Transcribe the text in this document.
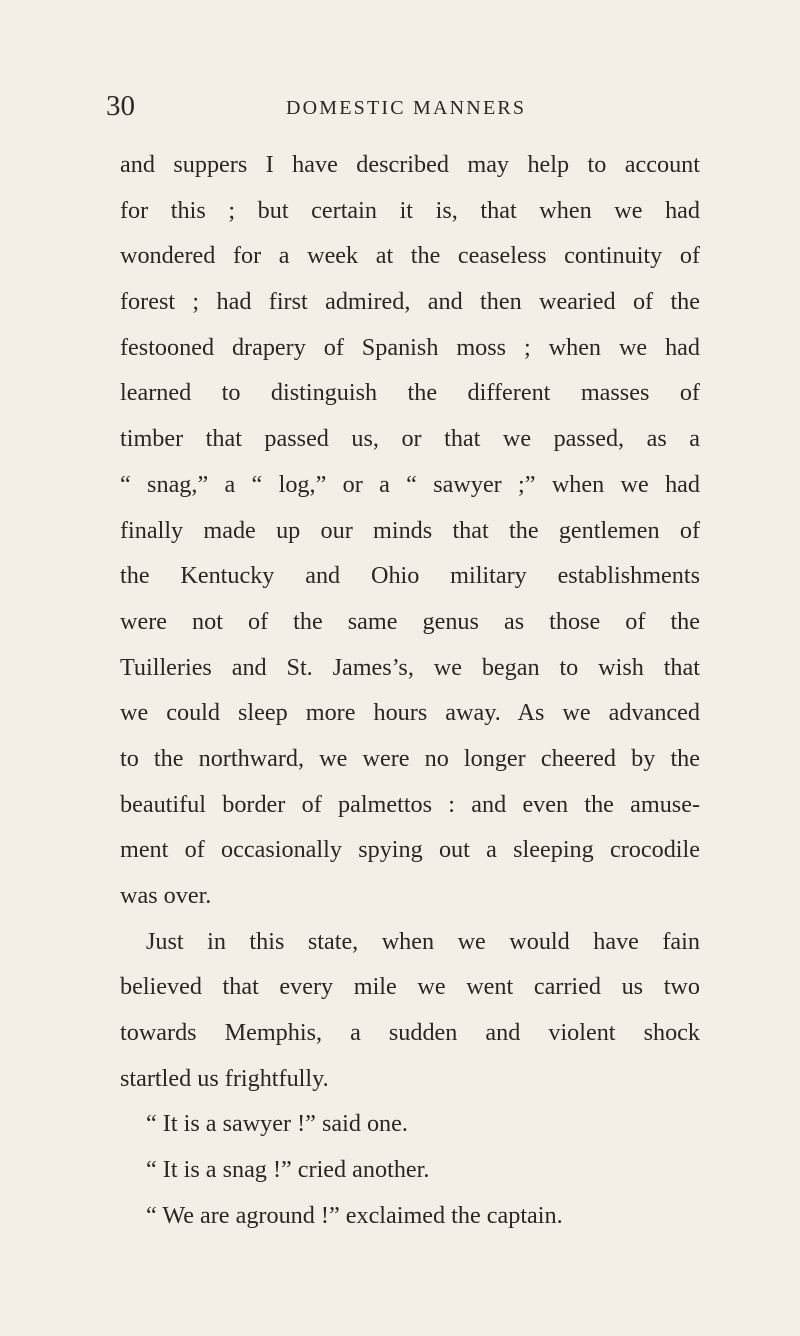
30	DOMESTIC MANNERS
and suppers I have described may help to account
for this ; but certain it is, that when we had
wondered for a week at the ceaseless continuity of
forest ; had first admired, and then wearied of the
festooned drapery of Spanish moss ; when we had
learned to distinguish the different masses of
timber that passed us, or that we passed, as a
“ snag,” a “ log,” or a “ sawyer ;” when we had
finally made up our minds that the gentlemen of
the Kentucky and Ohio military establishments
were not of the same genus as those of the
Tuilleries and St. James’s, we began to wish that
we could sleep more hours away. As we advanced
to the northward, we were no longer cheered by the
beautiful border of palmettos : and even the amuse-
ment of occasionally spying out a sleeping crocodile
was over.
Just in this state, when we would have fain
believed that every mile we went carried us two
towards Memphis, a sudden and violent shock
startled us frightfully.
“ It is a sawyer !” said one.
“ It is a snag !” cried another.
“ We are aground !” exclaimed the captain.
